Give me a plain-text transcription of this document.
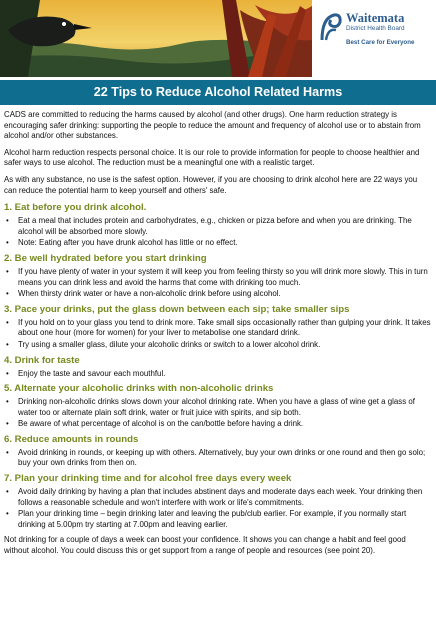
Waitemata
District Health Board
Best Care for Everyone
22 Tips to Reduce Alcohol Related Harms

CADS are committed to reducing the harms caused by alcohol (and other drugs). One harm reduction strategy is encouraging safer drinking: supporting the people to reduce the amount and frequency of alcohol use or to abstain from alcohol and/or other substances.

Alcohol harm reduction respects personal choice. It is our role to provide information for people to choose healthier and safer ways to use alcohol. The reduction must be a meaningful one with a realistic target.

As with any substance, no use is the safest option. However, if you are choosing to drink alcohol here are 22 ways you can reduce the potential harm to keep yourself and others' safe.

1. Eat before you drink alcohol.
• Eat a meal that includes protein and carbohydrates, e.g., chicken or pizza before and when you are drinking. The alcohol will be absorbed more slowly.
• Note: Eating after you have drunk alcohol has little or no effect.
2. Be well hydrated before you start drinking
• If you have plenty of water in your system it will keep you from feeling thirsty so you will drink more slowly. This in turn means you can drink less and avoid the harms that come with drinking too much.
• When thirsty drink water or have a non-alcoholic drink before using alcohol.
3. Pace your drinks, put the glass down between each sip; take smaller sips
• If you hold on to your glass you tend to drink more. Take small sips occasionally rather than gulping your drink. It takes about one hour (more for women) for your liver to metabolise one standard drink.
• Try using a smaller glass, dilute your alcoholic drinks or switch to a lower alcohol drink.
4. Drink for taste
• Enjoy the taste and savour each mouthful.
5. Alternate your alcoholic drinks with non-alcoholic drinks
• Drinking non-alcoholic drinks slows down your alcohol drinking rate. When you have a glass of wine get a glass of water too or alternate plain soft drink, water or fruit juice with spirits, and sip both.
• Be aware of what percentage of alcohol is on the can/bottle before having a drink.
6. Reduce amounts in rounds
• Avoid drinking in rounds, or keeping up with others. Alternatively, buy your own drinks or one round and then go solo; buy your own drinks from then on.
7. Plan your drinking time and for alcohol free days every week
• Avoid daily drinking by having a plan that includes abstinent days and moderate days each week. Your drinking then follows a reasonable schedule and won't interfere with work or life's commitments.
• Plan your drinking time – begin drinking later and leaving the pub/club earlier. For example, if you normally start drinking at 5.00pm try starting at 7.00pm and leaving earlier.

Not drinking for a couple of days a week can boost your confidence. It shows you can change a habit and feel good without alcohol. You could discuss this or get support from a range of people and resources (see point 20).
